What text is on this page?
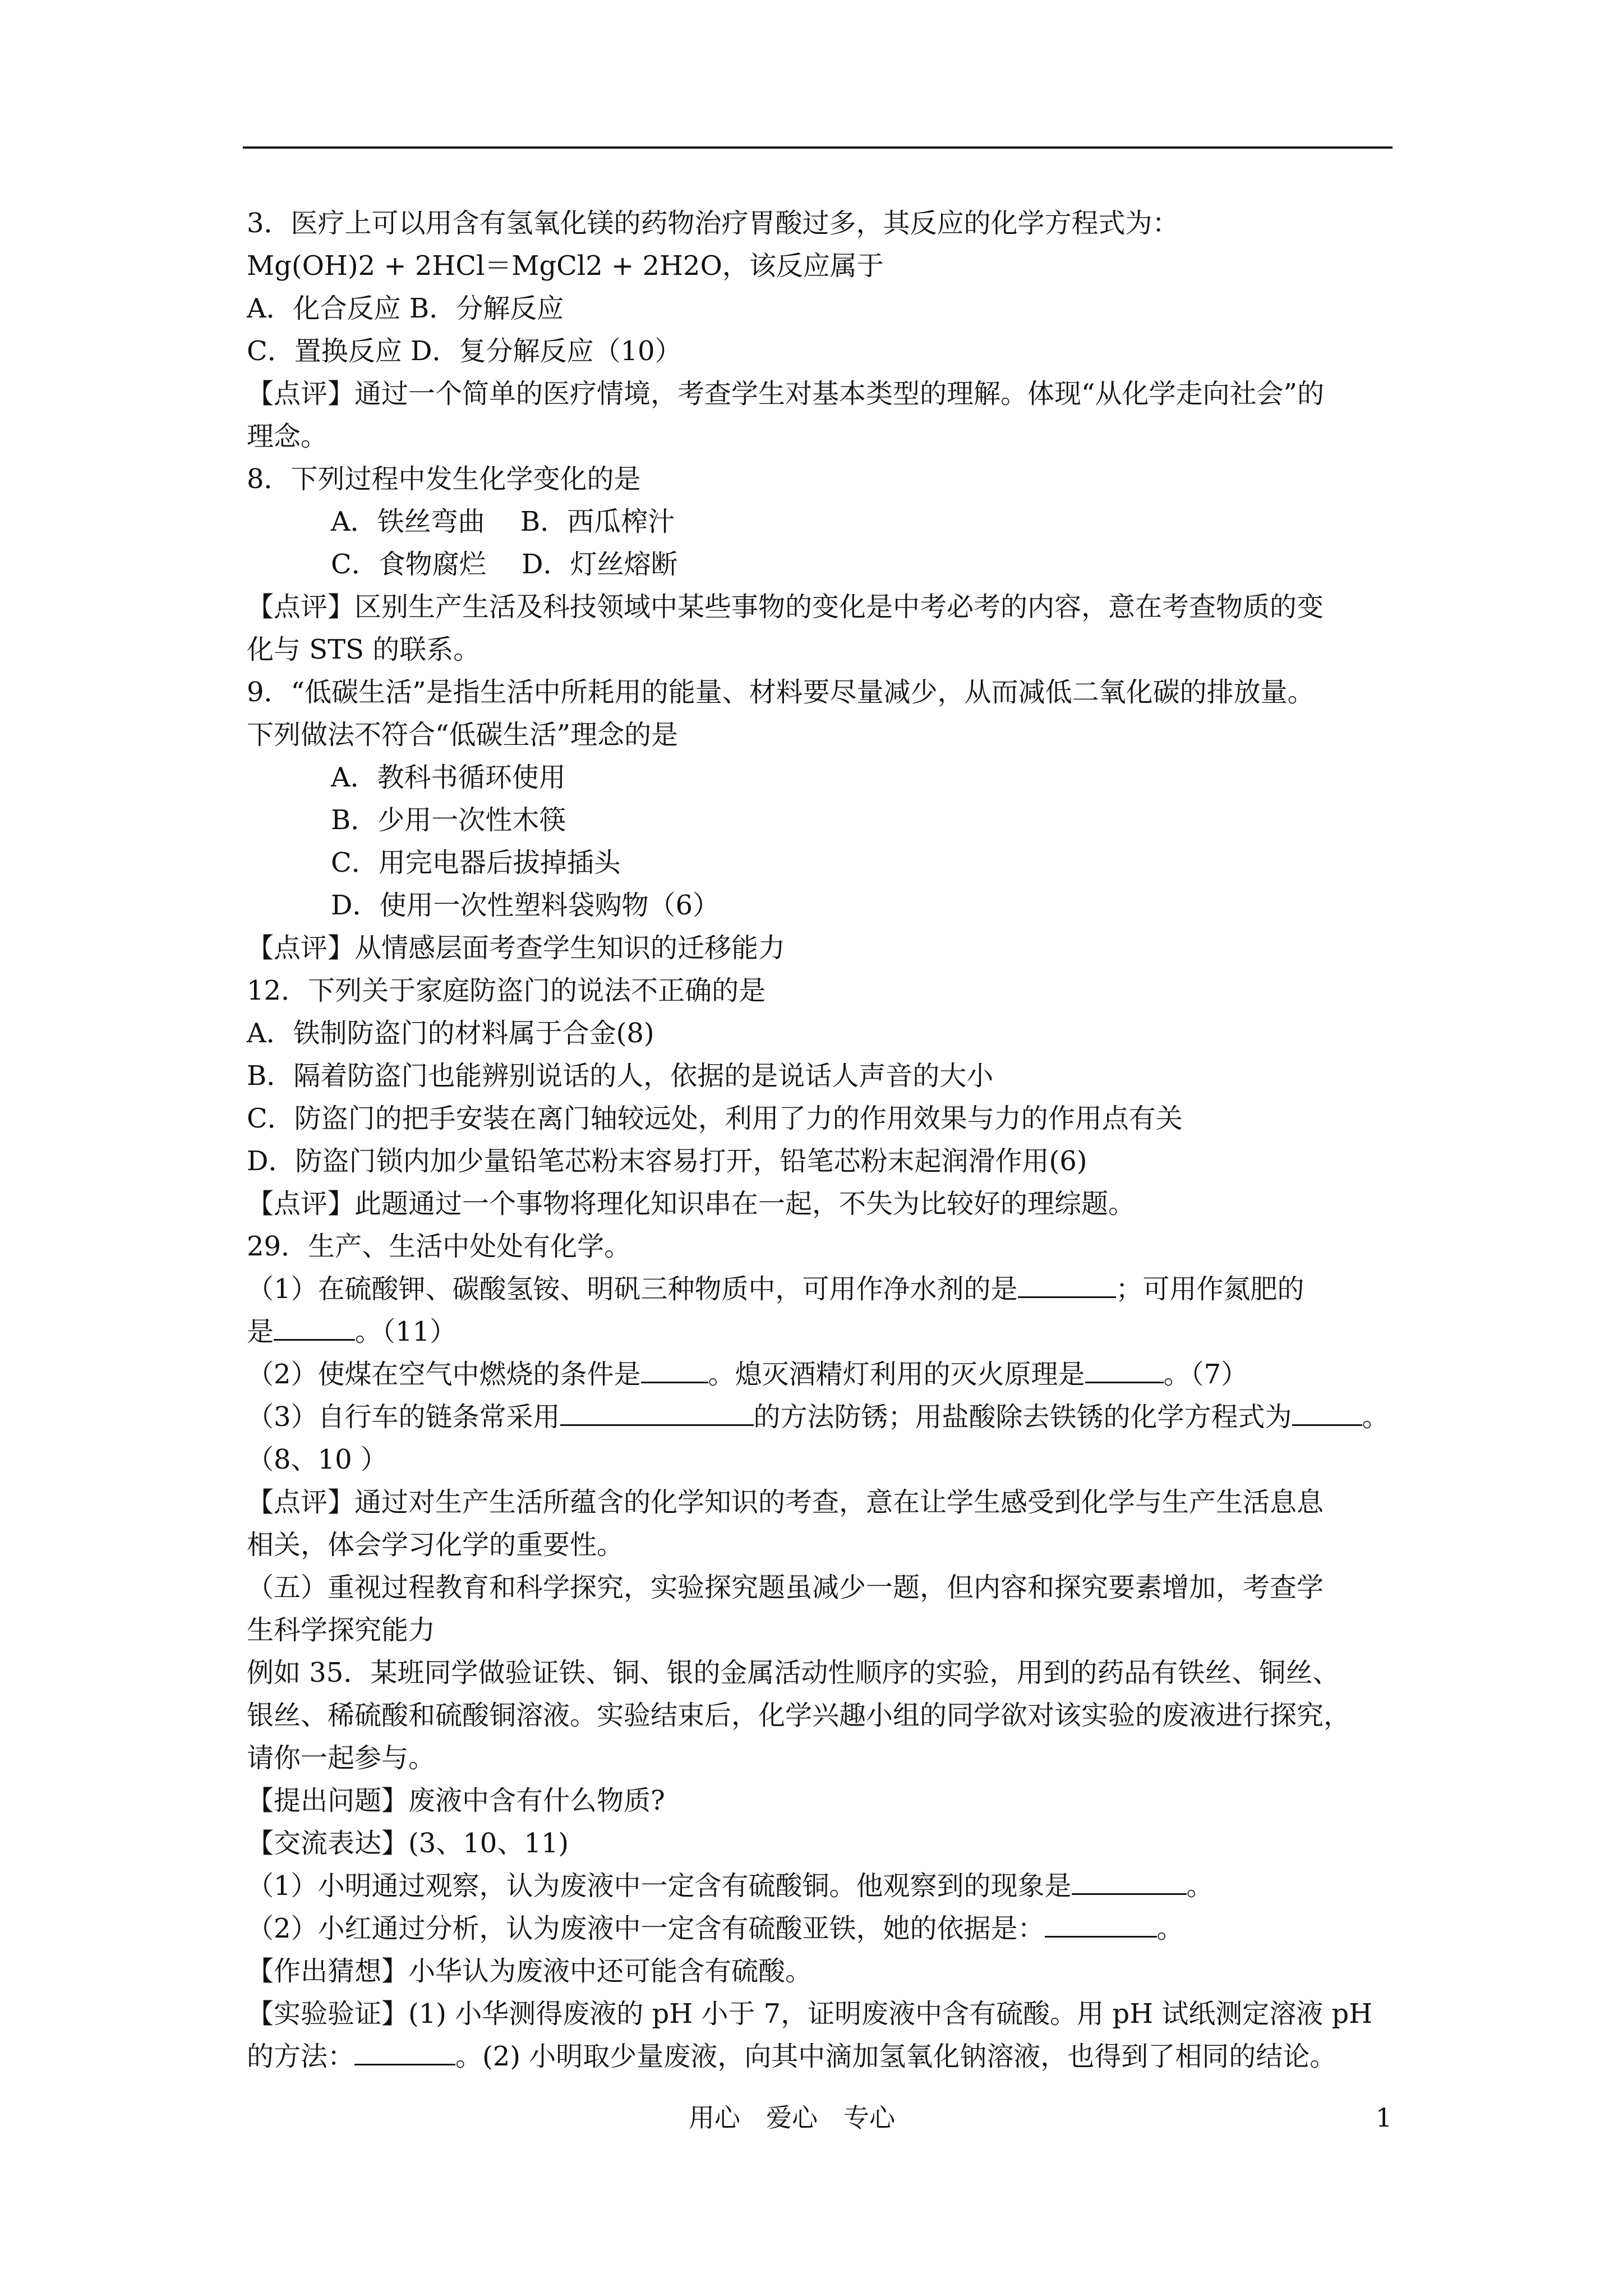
3．医疗上可以用含有氢氧化镁的药物治疗胃酸过多，其反应的化学方程式为：
Mg(OH)2 + 2HCl＝MgCl2 + 2H2O，该反应属于
A．化合反应 B．分解反应
C．置换反应 D．复分解反应（10）
【点评】通过一个简单的医疗情境，考查学生对基本类型的理解。体现“从化学走向社会”的
理念。
8．下列过程中发生化学变化的是
A．铁丝弯曲　 B．西瓜榨汁
C．食物腐烂　 D．灯丝熔断
【点评】区别生产生活及科技领域中某些事物的变化是中考必考的内容，意在考查物质的变
化与 STS 的联系。
9．“低碳生活”是指生活中所耗用的能量、材料要尽量减少，从而减低二氧化碳的排放量。
下列做法不符合“低碳生活”理念的是
A．教科书循环使用
B．少用一次性木筷
C．用完电器后拔掉插头
D．使用一次性塑料袋购物（6）
【点评】从情感层面考查学生知识的迁移能力
12．下列关于家庭防盗门的说法不正确的是
A．铁制防盗门的材料属于合金(8)
B．隔着防盗门也能辨别说话的人，依据的是说话人声音的大小
C．防盗门的把手安装在离门轴较远处，利用了力的作用效果与力的作用点有关
D．防盗门锁内加少量铅笔芯粉末容易打开，铅笔芯粉末起润滑作用(6)
【点评】此题通过一个事物将理化知识串在一起，不失为比较好的理综题。
29．生产、生活中处处有化学。
（1）在硫酸钾、碳酸氢铵、明矾三种物质中，可用作净水剂的是	；可用作氮肥的
是	。（11）
（2）使煤在空气中燃烧的条件是	。熄灭酒精灯利用的灭火原理是	。（7）
（3）自行车的链条常采用	的方法防锈；用盐酸除去铁锈的化学方程式为	。
（8、10 ）
【点评】通过对生产生活所蕴含的化学知识的考查，意在让学生感受到化学与生产生活息息
相关，体会学习化学的重要性。
（五）重视过程教育和科学探究，实验探究题虽减少一题，但内容和探究要素增加，考查学
生科学探究能力
例如 35．某班同学做验证铁、铜、银的金属活动性顺序的实验，用到的药品有铁丝、铜丝、
银丝、稀硫酸和硫酸铜溶液。实验结束后，化学兴趣小组的同学欲对该实验的废液进行探究，
请你一起参与。
【提出问题】废液中含有什么物质?
【交流表达】(3、10、11)
（1）小明通过观察，认为废液中一定含有硫酸铜。他观察到的现象是	。
（2）小红通过分析，认为废液中一定含有硫酸亚铁，她的依据是：	。
【作出猜想】小华认为废液中还可能含有硫酸。
【实验验证】(1) 小华测得废液的 pH 小于 7，证明废液中含有硫酸。用 pH 试纸测定溶液 pH
的方法：	。(2) 小明取少量废液，向其中滴加氢氧化钠溶液，也得到了相同的结论。
用心　爱心　专心	1
